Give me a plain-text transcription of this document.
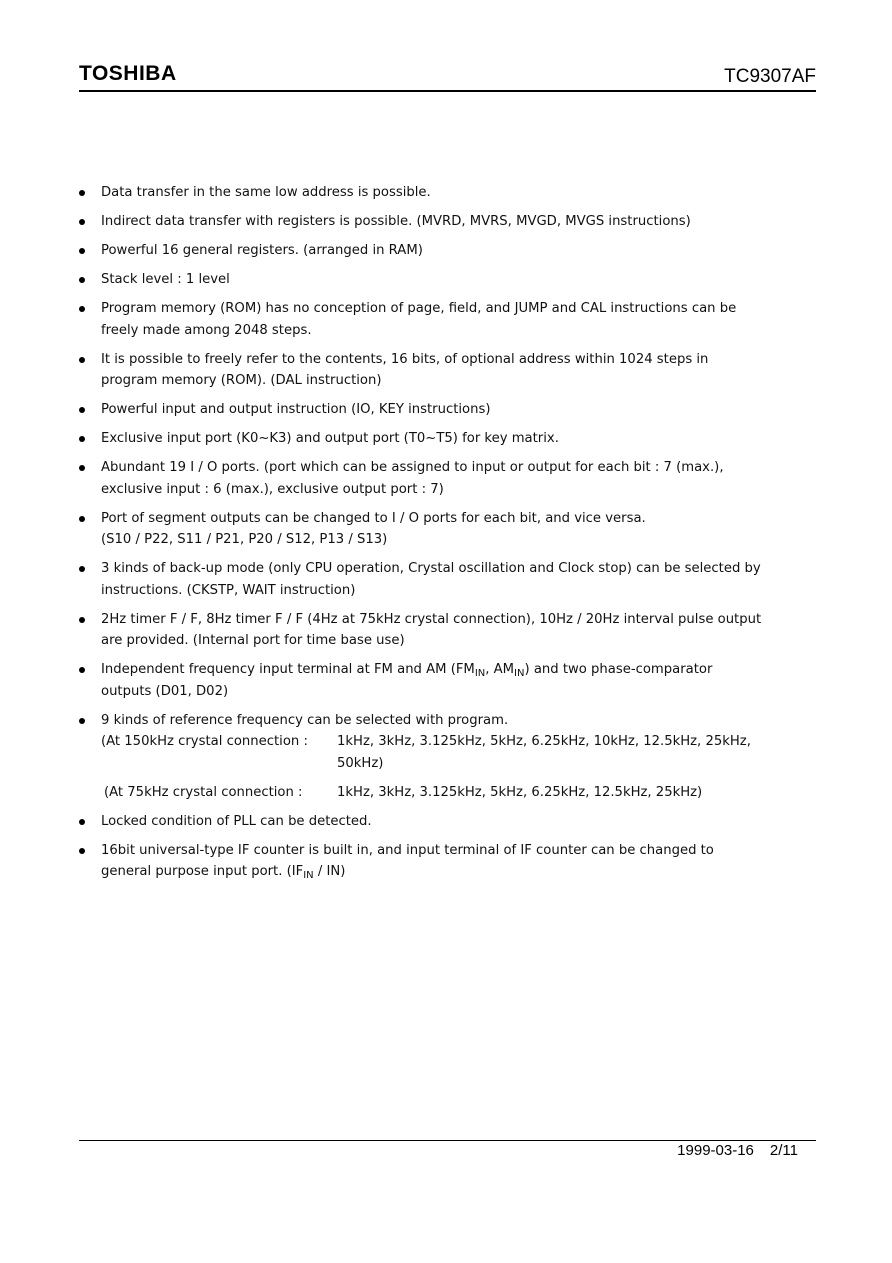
TOSHIBA	TC9307AF
Data transfer in the same low address is possible.
Indirect data transfer with registers is possible. (MVRD, MVRS, MVGD, MVGS instructions)
Powerful 16 general registers. (arranged in RAM)
Stack level : 1 level
Program memory (ROM) has no conception of page, field, and JUMP and CAL instructions can be
freely made among 2048 steps.
It is possible to freely refer to the contents, 16 bits, of optional address within 1024 steps in
program memory (ROM). (DAL instruction)
Powerful input and output instruction (IO, KEY instructions)
Exclusive input port (K0~K3) and output port (T0~T5) for key matrix.
Abundant 19 I / O ports. (port which can be assigned to input or output for each bit : 7 (max.),
exclusive input : 6 (max.), exclusive output port : 7)
Port of segment outputs can be changed to I / O ports for each bit, and vice versa.
(S10 / P22, S11 / P21, P20 / S12, P13 / S13)
3 kinds of back-up mode (only CPU operation, Crystal oscillation and Clock stop) can be selected by
instructions. (CKSTP, WAIT instruction)
2Hz timer F / F, 8Hz timer F / F (4Hz at 75kHz crystal connection), 10Hz / 20Hz interval pulse output
are provided. (Internal port for time base use)
Independent frequency input terminal at FM and AM ($FM_{IN}$, $AM_{IN}$) and two phase-comparator
outputs (D01, D02)
9 kinds of reference frequency can be selected with program.
(At 150kHz crystal connection :	1kHz, 3kHz, 3.125kHz, 5kHz, 6.25kHz, 10kHz, 12.5kHz, 25kHz,
50kHz)
(At 75kHz crystal connection :	1kHz, 3kHz, 3.125kHz, 5kHz, 6.25kHz, 12.5kHz, 25kHz)
Locked condition of PLL can be detected.
16bit universal-type IF counter is built in, and input terminal of IF counter can be changed to
general purpose input port. $(IF_{IN} / IN)$
1999-03-16 2/11
